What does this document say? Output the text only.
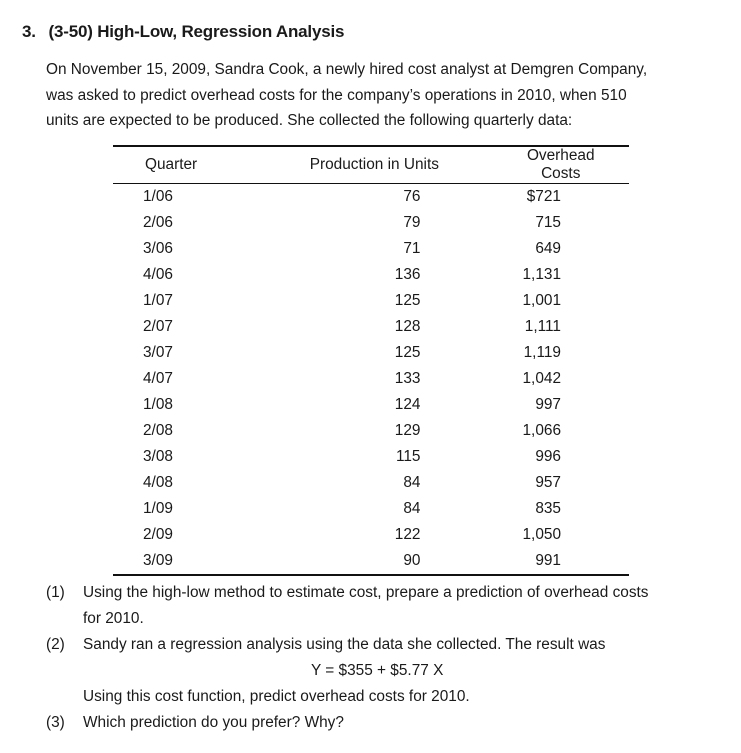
3. (3-50) High-Low, Regression Analysis
On November 15, 2009, Sandra Cook, a newly hired cost analyst at Demgren Company,
was asked to predict overhead costs for the company’s operations in 2010, when 510
units are expected to be produced. She collected the following quarterly data:
Quarter	Production in Units	Overhead Costs
1/06	76	$721
2/06	79	715
3/06	71	649
4/06	136	1,131
1/07	125	1,001
2/07	128	1,111
3/07	125	1,119
4/07	133	1,042
1/08	124	997
2/08	129	1,066
3/08	115	996
4/08	84	957
1/09	84	835
2/09	122	1,050
3/09	90	991
(1) Using the high-low method to estimate cost, prepare a prediction of overhead costs
for 2010.
(2) Sandy ran a regression analysis using the data she collected. The result was
Y = $355 + $5.77 X
Using this cost function, predict overhead costs for 2010.
(3) Which prediction do you prefer? Why?
